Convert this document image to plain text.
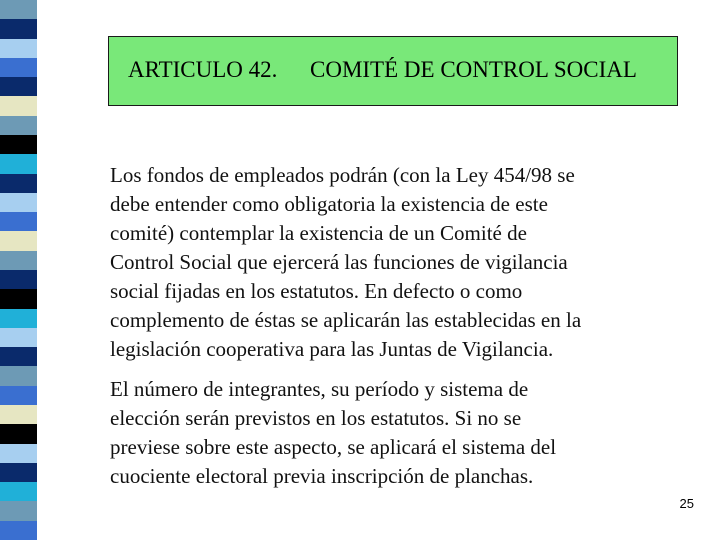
ARTICULO 42. COMITÉ DE CONTROL SOCIAL
Los fondos de empleados podrán (con la Ley 454/98 se
debe entender como obligatoria la existencia de este
comité) contemplar la existencia de un Comité de
Control Social que ejercerá las funciones de vigilancia
social fijadas en los estatutos. En defecto o como
complemento de éstas se aplicarán las establecidas en la
legislación cooperativa para las Juntas de Vigilancia.
El número de integrantes, su período y sistema de
elección serán previstos en los estatutos. Si no se
previese sobre este aspecto, se aplicará el sistema del
cuociente electoral previa inscripción de planchas.
25
